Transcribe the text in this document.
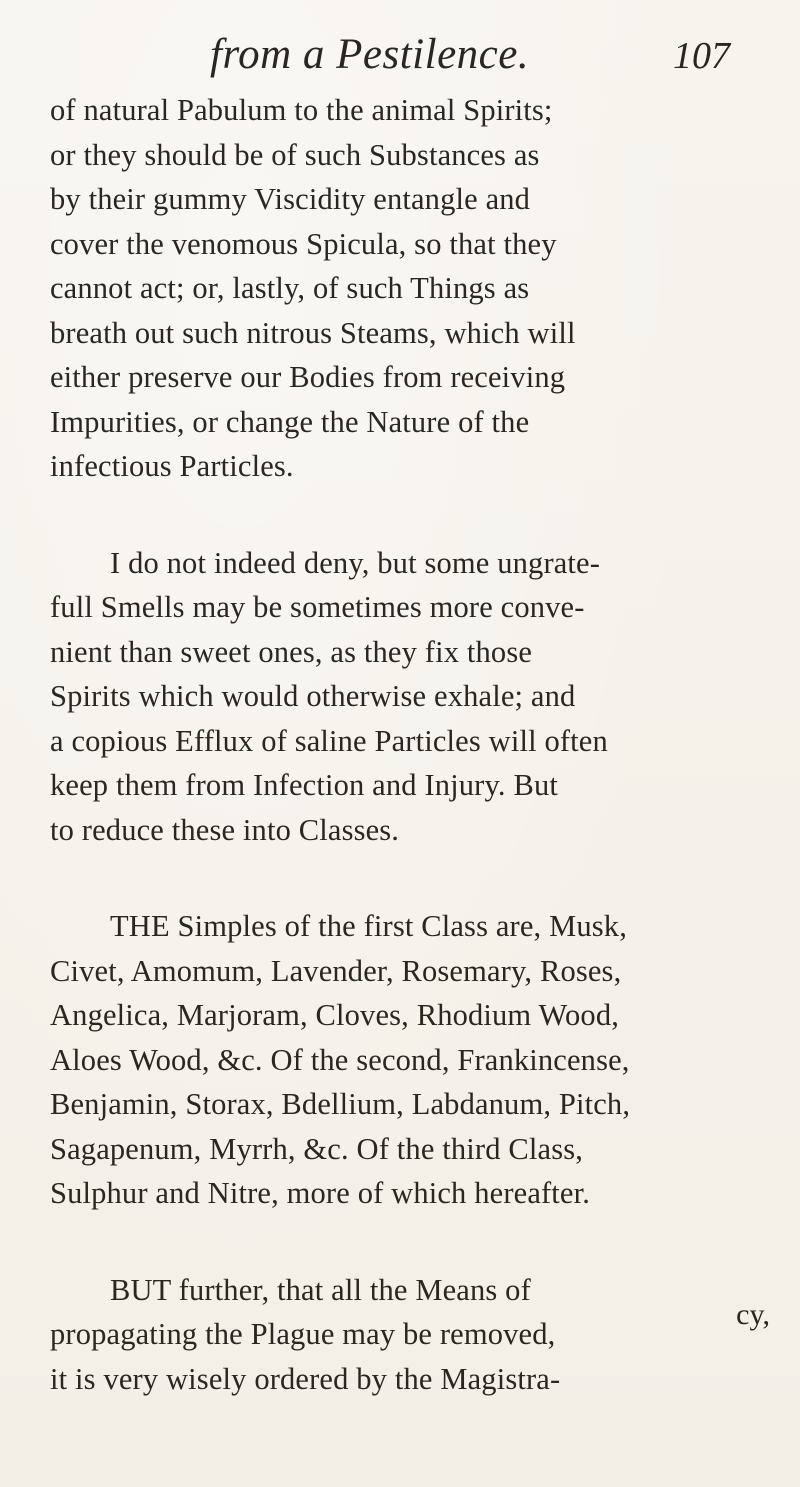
from a Pestilence.	107
of natural Pabulum to the animal Spirits;
or they should be of such Substances as
by their gummy Viscidity entangle and
cover the venomous Spicula, so that they
cannot act; or, lastly, of such Things as
breath out such nitrous Steams, which will
either preserve our Bodies from receiving
Impurities, or change the Nature of the
infectious Particles.
I do not indeed deny, but some ungrate-
full Smells may be sometimes more conve-
nient than sweet ones, as they fix those
Spirits which would otherwise exhale; and
a copious Efflux of saline Particles will often
keep them from Infection and Injury. But
to reduce these into Classes.
THE Simples of the first Class are, Musk,
Civet, Amomum, Lavender, Rosemary, Roses,
Angelica, Marjoram, Cloves, Rhodium Wood,
Aloes Wood, &c. Of the second, Frankincense,
Benjamin, Storax, Bdellium, Labdanum, Pitch,
Sagapenum, Myrrh, &c. Of the third Class,
Sulphur and Nitre, more of which hereafter.
BUT further, that all the Means of
propagating the Plague may be removed,
it is very wisely ordered by the Magistra-
cy,
